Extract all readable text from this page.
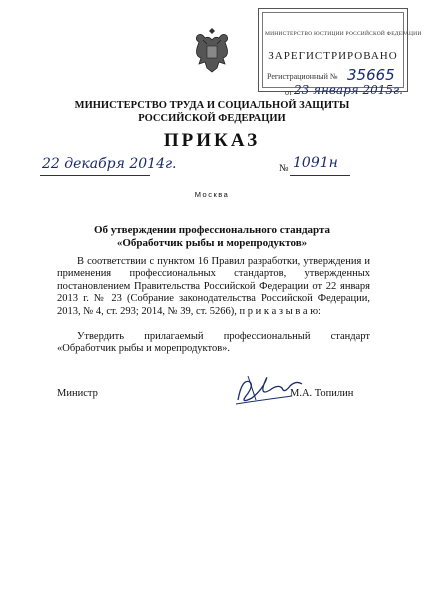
МИНИСТЕРСТВО ЮСТИЦИИ РОССИЙСКОЙ ФЕДЕРАЦИИ
ЗАРЕГИСТРИРОВАНО
Регистрационный № 35665
от 23 января 2015г.
МИНИСТЕРСТВО ТРУДА И СОЦИАЛЬНОЙ ЗАЩИТЫ
РОССИЙСКОЙ ФЕДЕРАЦИИ
ПРИКАЗ
22 декабря 2014г.	№ 1091н
Москва
Об утверждении профессионального стандарта
«Обработчик рыбы и морепродуктов»

В соответствии с пунктом 16 Правил разработки, утверждения и применения профессиональных стандартов, утвержденных постановлением Правительства Российской Федерации от 22 января 2013 г. № 23 (Собрание законодательства Российской Федерации, 2013, № 4, ст. 293; 2014, № 39, ст. 5266), п р и к а з ы в а ю:

Утвердить прилагаемый профессиональный стандарт «Обработчик рыбы и морепродуктов».

Министр	М.А. Топилин
